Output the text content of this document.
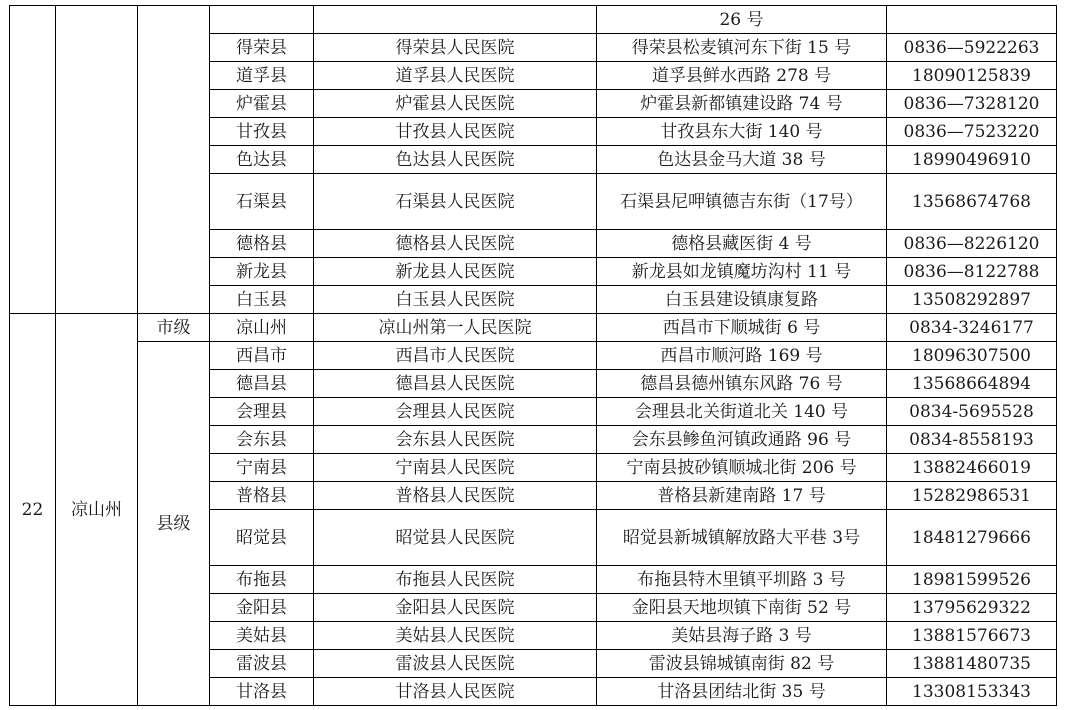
					26 号	
			得荣县	得荣县人民医院	得荣县松麦镇河东下街 15 号	0836—5922263
			道孚县	道孚县人民医院	道孚县鲜水西路 278 号	18090125839
			炉霍县	炉霍县人民医院	炉霍县新都镇建设路 74 号	0836—7328120
			甘孜县	甘孜县人民医院	甘孜县东大街 140 号	0836—7523220
			色达县	色达县人民医院	色达县金马大道 38 号	18990496910
			石渠县	石渠县人民医院	石渠县尼呷镇德吉东街（17号）	13568674768
			德格县	德格县人民医院	德格县藏医街 4 号	0836—8226120
			新龙县	新龙县人民医院	新龙县如龙镇魔坊沟村 11 号	0836—8122788
			白玉县	白玉县人民医院	白玉县建设镇康复路	13508292897
22	凉山州	市级	凉山州	凉山州第一人民医院	西昌市下顺城街 6 号	0834-3246177
		县级	西昌市	西昌市人民医院	西昌市顺河路 169 号	18096307500
			德昌县	德昌县人民医院	德昌县德州镇东风路 76 号	13568664894
			会理县	会理县人民医院	会理县北关街道北关 140 号	0834-5695528
			会东县	会东县人民医院	会东县鲹鱼河镇政通路 96 号	0834-8558193
			宁南县	宁南县人民医院	宁南县披砂镇顺城北街 206 号	13882466019
			普格县	普格县人民医院	普格县新建南路 17 号	15282986531
			昭觉县	昭觉县人民医院	昭觉县新城镇解放路大平巷 3号	18481279666
			布拖县	布拖县人民医院	布拖县特木里镇平圳路 3 号	18981599526
			金阳县	金阳县人民医院	金阳县天地坝镇下南街 52 号	13795629322
			美姑县	美姑县人民医院	美姑县海子路 3 号	13881576673
			雷波县	雷波县人民医院	雷波县锦城镇南街 82 号	13881480735
			甘洛县	甘洛县人民医院	甘洛县团结北街 35 号	13308153343
